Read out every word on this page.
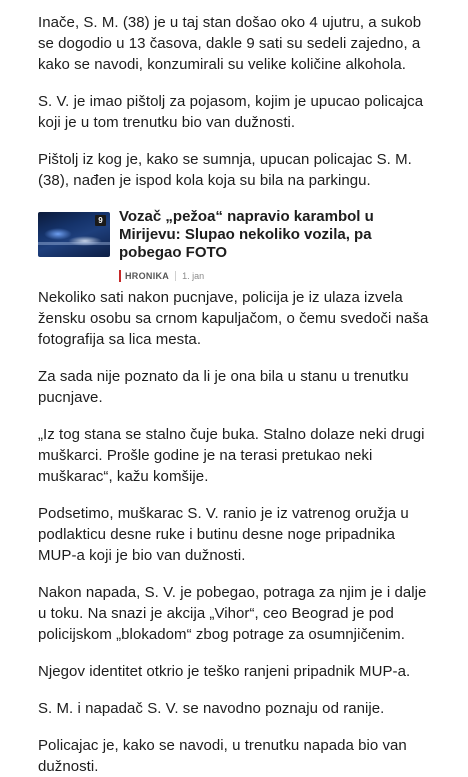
Inače, S. M. (38) je u taj stan došao oko 4 ujutru, a sukob se dogodio u 13 časova, dakle 9 sati su sedeli zajedno, a kako se navodi, konzumirali su velike količine alkohola.

S. V. je imao pištolj za pojasom, kojim je upucao policajca koji je u tom trenutku bio van dužnosti.

Pištolj iz kog je, kako se sumnja, upucan policajac S. M. (38), nađen je ispod kola koja su bila na parkingu.

9 Vozač „pežoa“ napravio karambol u Mirijevu: Slupao nekoliko vozila, pa pobegao FOTO
HRONIKA 1. jan

Nekoliko sati nakon pucnjave, policija je iz ulaza izvela žensku osobu sa crnom kapuljačom, o čemu svedoči naša fotografija sa lica mesta.

Za sada nije poznato da li je ona bila u stanu u trenutku pucnjave.

„Iz tog stana se stalno čuje buka. Stalno dolaze neki drugi muškarci. Prošle godine je na terasi pretukao neki muškarac“, kažu komšije.

Podsetimo, muškarac S. V. ranio je iz vatrenog oružja u podlakticu desne ruke i butinu desne noge pripadnika MUP-a koji je bio van dužnosti.

Nakon napada, S. V. je pobegao, potraga za njim je i dalje u toku. Na snazi je akcija „Vihor“, ceo Beograd je pod policijskom „blokadom“ zbog potrage za osumnjičenim.

Njegov identitet otkrio je teško ranjeni pripadnik MUP-a.

S. M. i napadač S. V. se navodno poznaju od ranije.

Policajac je, kako se navodi, u trenutku napada bio van dužnosti.
